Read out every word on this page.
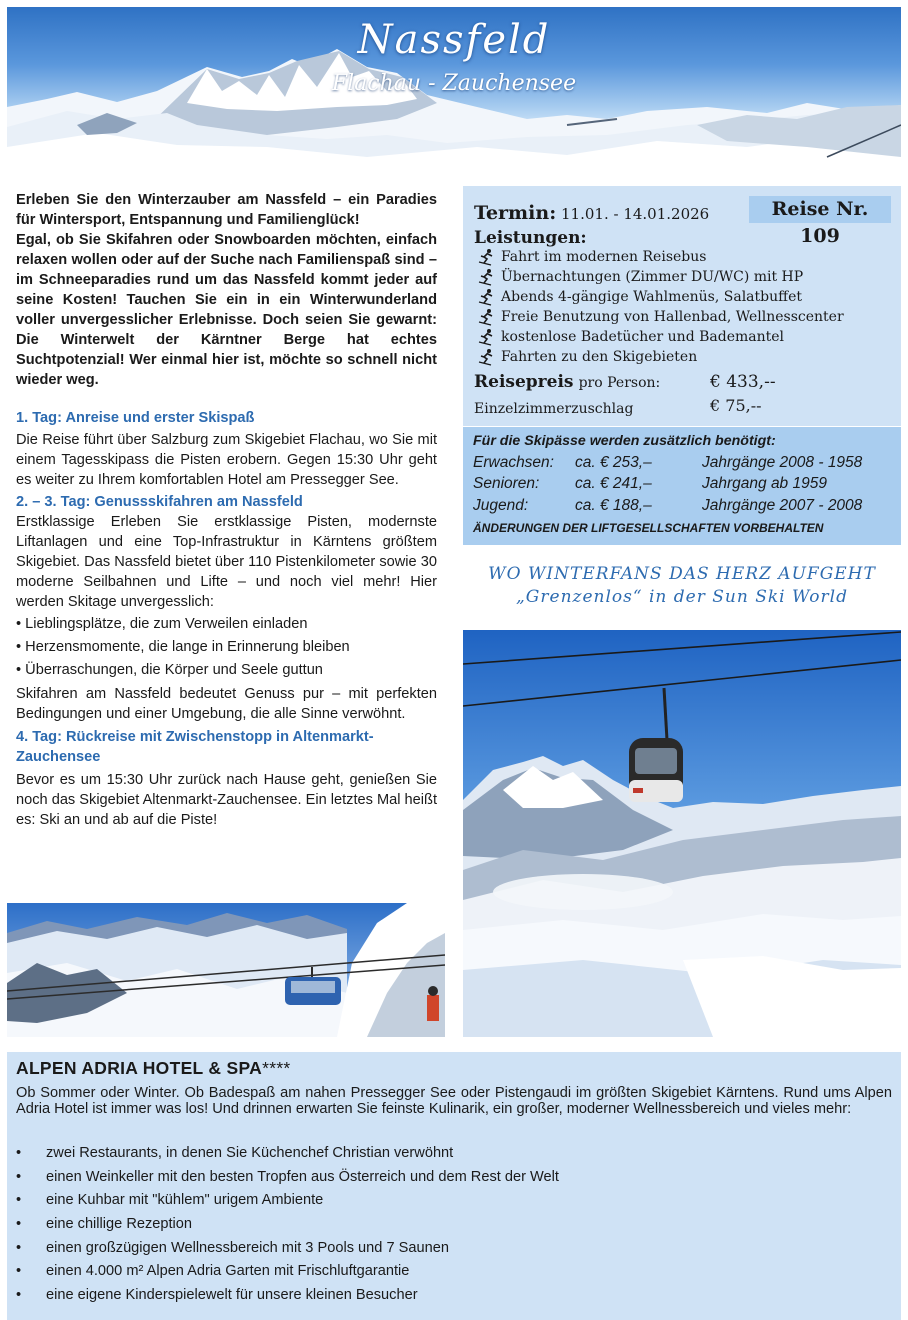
Nassfeld
Flachau - Zauchensee

Erleben Sie den Winterzauber am Nassfeld – ein Paradies für Wintersport, Entspannung und Familienglück!

Egal, ob Sie Skifahren oder Snowboarden möchten, einfach relaxen wollen oder auf der Suche nach Familienspaß sind – im Schneeparadies rund um das Nassfeld kommt jeder auf seine Kosten! Tauchen Sie ein in ein Winterwunderland voller unvergesslicher Erlebnisse. Doch seien Sie gewarnt: Die Winterwelt der Kärntner Berge hat echtes Suchtpotenzial! Wer einmal hier ist, möchte so schnell nicht wieder weg.

1. Tag: Anreise und erster Skispaß
Die Reise führt über Salzburg zum Skigebiet Flachau, wo Sie mit einem Tagesskipass die Pisten erobern. Gegen 15:30 Uhr geht es weiter zu Ihrem komfortablen Hotel am Pressegger See.
2. – 3. Tag: Genussskifahren am Nassfeld
Erstklassige Erleben Sie erstklassige Pisten, modernste Liftanlagen und eine Top-Infrastruktur in Kärntens größtem Skigebiet. Das Nassfeld bietet über 110 Pistenkilometer sowie 30 moderne Seilbahnen und Lifte – und noch viel mehr! Hier werden Skitage unvergesslich:
• Lieblingsplätze, die zum Verweilen einladen
• Herzensmomente, die lange in Erinnerung bleiben
• Überraschungen, die Körper und Seele guttun
Skifahren am Nassfeld bedeutet Genuss pur – mit perfekten Bedingungen und einer Umgebung, die alle Sinne verwöhnt.
4. Tag: Rückreise mit Zwischenstopp in Altenmarkt-Zauchensee
Bevor es um 15:30 Uhr zurück nach Hause geht, genießen Sie noch das Skigebiet Altenmarkt-Zauchensee. Ein letztes Mal heißt es: Ski an und ab auf die Piste!
Termin: 11.01. - 14.01.2026	Reise Nr. 109
Leistungen:
Fahrt im modernen Reisebus
Übernachtungen (Zimmer DU/WC) mit HP
Abends 4-gängige Wahlmenüs, Salatbuffet
Freie Benutzung von Hallenbad, Wellnesscenter
kostenlose Badetücher und Bademantel
Fahrten zu den Skigebieten
Reisepreis pro Person:	€ 433,--
Einzelzimmerzuschlag	€ 75,--
Für die Skipässe werden zusätzlich benötigt:
Erwachsen: ca. € 253,–	Jahrgänge 2008 - 1958
Senioren: ca. € 241,–	Jahrgang ab 1959
Jugend:	ca. € 188,–	Jahrgänge 2007 - 2008
ÄNDERUNGEN DER LIFTGESELLSCHAFTEN VORBEHALTEN
WO WINTERFANS DAS HERZ AUFGEHT
„Grenzenlos“ in der Sun Ski World
ALPEN ADRIA HOTEL & SPA****
Ob Sommer oder Winter. Ob Badespaß am nahen Pressegger See oder Pistengaudi im größten Skigebiet Kärntens. Rund ums Alpen Adria Hotel ist immer was los! Und drinnen erwarten Sie feinste Kulinarik, ein großer, moderner Wellnessbereich und vieles mehr:
• zwei Restaurants, in denen Sie Küchenchef Christian verwöhnt
• einen Weinkeller mit den besten Tropfen aus Österreich und dem Rest der Welt
• eine Kuhbar mit "kühlem" urigem Ambiente
• eine chillige Rezeption
• einen großzügigen Wellnessbereich mit 3 Pools und 7 Saunen
• einen 4.000 m² Alpen Adria Garten mit Frischluftgarantie
• eine eigene Kinderspielewelt für unsere kleinen Besucher
